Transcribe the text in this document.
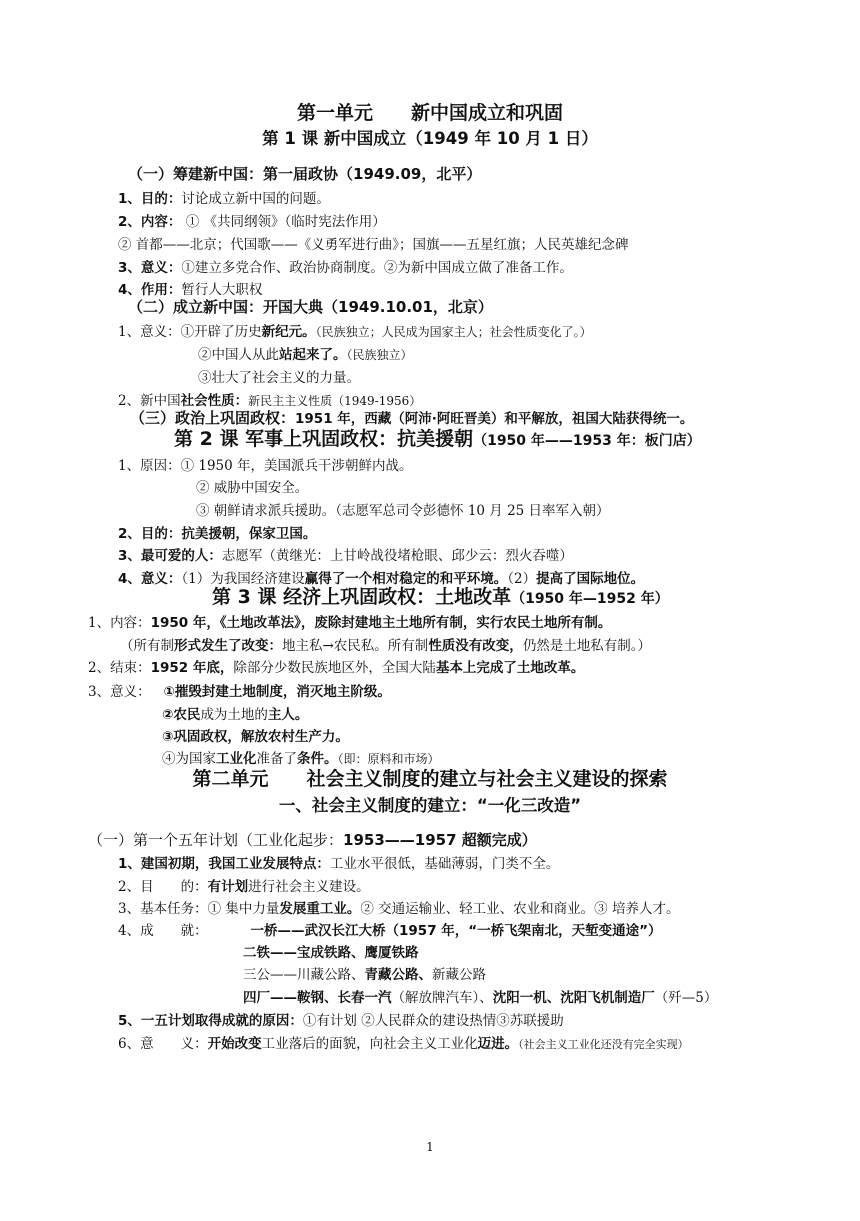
第一单元　　新中国成立和巩固
第 1 课 新中国成立（1949 年 10 月 1 日）
（一）筹建新中国：第一届政协（1949.09，北平）
1、目的：讨论成立新中国的问题。
2、内容： ① 《共同纲领》（临时宪法作用）
② 首都——北京；代国歌——《义勇军进行曲》；国旗——五星红旗；人民英雄纪念碑
3、意义：①建立多党合作、政治协商制度。②为新中国成立做了准备工作。
4、作用：暂行人大职权
（二）成立新中国：开国大典（1949.10.01，北京）
1、意义：①开辟了历史新纪元。（民族独立；人民成为国家主人；社会性质变化了。）
②中国人从此站起来了。（民族独立）
③壮大了社会主义的力量。
2、新中国社会性质：新民主主义性质（1949-1956）
（三）政治上巩固政权：1951 年，西藏（阿沛·阿旺晋美）和平解放，祖国大陆获得统一。
第 2 课 军事上巩固政权：抗美援朝（1950 年——1953 年：板门店）
1、原因：① 1950 年，美国派兵干涉朝鲜内战。
② 威胁中国安全。
③ 朝鲜请求派兵援助。（志愿军总司令彭德怀 10 月 25 日率军入朝）
2、目的：抗美援朝，保家卫国。
3、最可爱的人：志愿军（黄继光：上甘岭战役堵枪眼、邱少云：烈火吞噬）
4、意义：（1）为我国经济建设赢得了一个相对稳定的和平环境。（2）提高了国际地位。
第 3 课 经济上巩固政权：土地改革（1950 年—1952 年）
1、内容：1950 年，《土地改革法》，废除封建地主土地所有制，实行农民土地所有制。
（所有制形式发生了改变：地主私→农民私。所有制性质没有改变，仍然是土地私有制。）
2、结束：1952 年底，除部分少数民族地区外，全国大陆基本上完成了土地改革。
3、意义： ①摧毁封建土地制度，消灭地主阶级。
②农民成为土地的主人。
③巩固政权，解放农村生产力。
④为国家工业化准备了条件。（即：原料和市场）
第二单元　　社会主义制度的建立与社会主义建设的探索
一、社会主义制度的建立：“一化三改造”
（一）第一个五年计划（工业化起步：1953——1957 超额完成）
1、建国初期，我国工业发展特点：工业水平很低，基础薄弱，门类不全。
2、目　　的：有计划进行社会主义建设。
3、基本任务：① 集中力量发展重工业。② 交通运输业、轻工业、农业和商业。③ 培养人才。
4、成　　就：	一桥——武汉长江大桥（1957 年，“一桥飞架南北，天堑变通途”）
二铁——宝成铁路、鹰厦铁路
三公——川藏公路、青藏公路、新藏公路
四厂——鞍钢、长春一汽（解放牌汽车）、沈阳一机、沈阳飞机制造厂（歼—5）
5、一五计划取得成就的原因：①有计划 ②人民群众的建设热情③苏联援助
6、意　　义：开始改变工业落后的面貌，向社会主义工业化迈进。（社会主义工业化还没有完全实现）
1
